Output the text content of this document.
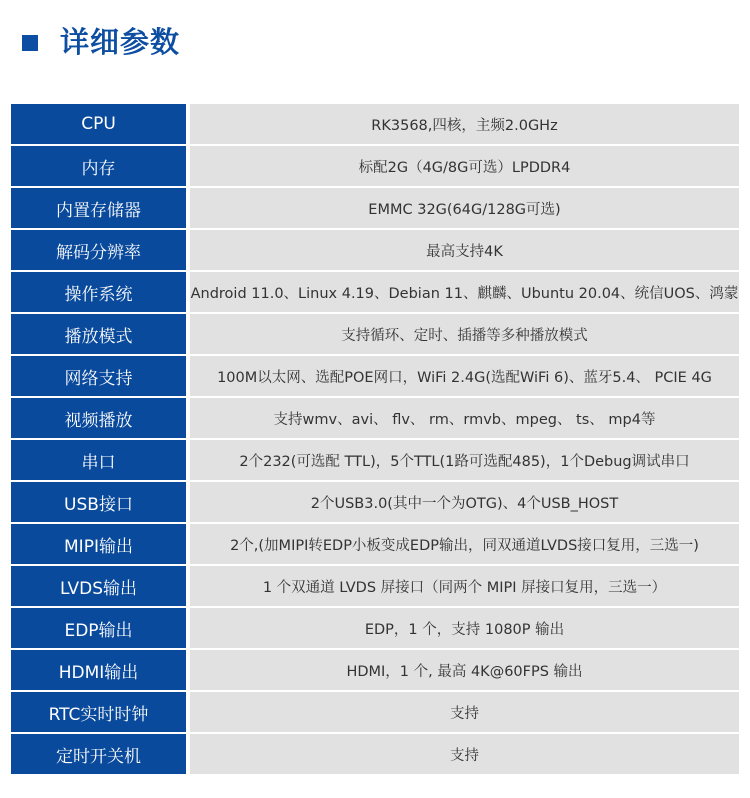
详细参数
CPU	RK3568,四核，主频2.0GHz
内存	标配2G（4G/8G可选）LPDDR4
内置存储器	EMMC 32G(64G/128G可选)
解码分辨率	最高支持4K
操作系统	Android 11.0、Linux 4.19、Debian 11、麒麟、Ubuntu 20.04、统信UOS、鸿蒙
播放模式	支持循环、定时、插播等多种播放模式
网络支持	100M以太网、选配POE网口，WiFi 2.4G(选配WiFi 6)、蓝牙5.4、 PCIE 4G
视频播放	支持wmv、avi、 flv、 rm、rmvb、mpeg、 ts、 mp4等
串口	2个232(可选配 TTL)，5个TTL(1路可选配485)，1个Debug调试串口
USB接口	2个USB3.0(其中一个为OTG)、4个USB_HOST
MIPI输出	2个,(加MIPI转EDP小板变成EDP输出，同双通道LVDS接口复用，三选一)
LVDS输出	1 个双通道 LVDS 屏接口（同两个 MIPI 屏接口复用，三选一）
EDP输出	EDP，1 个，支持 1080P 输出
HDMI输出	HDMI，1 个, 最高 4K@60FPS 输出
RTC实时时钟	支持
定时开关机	支持
